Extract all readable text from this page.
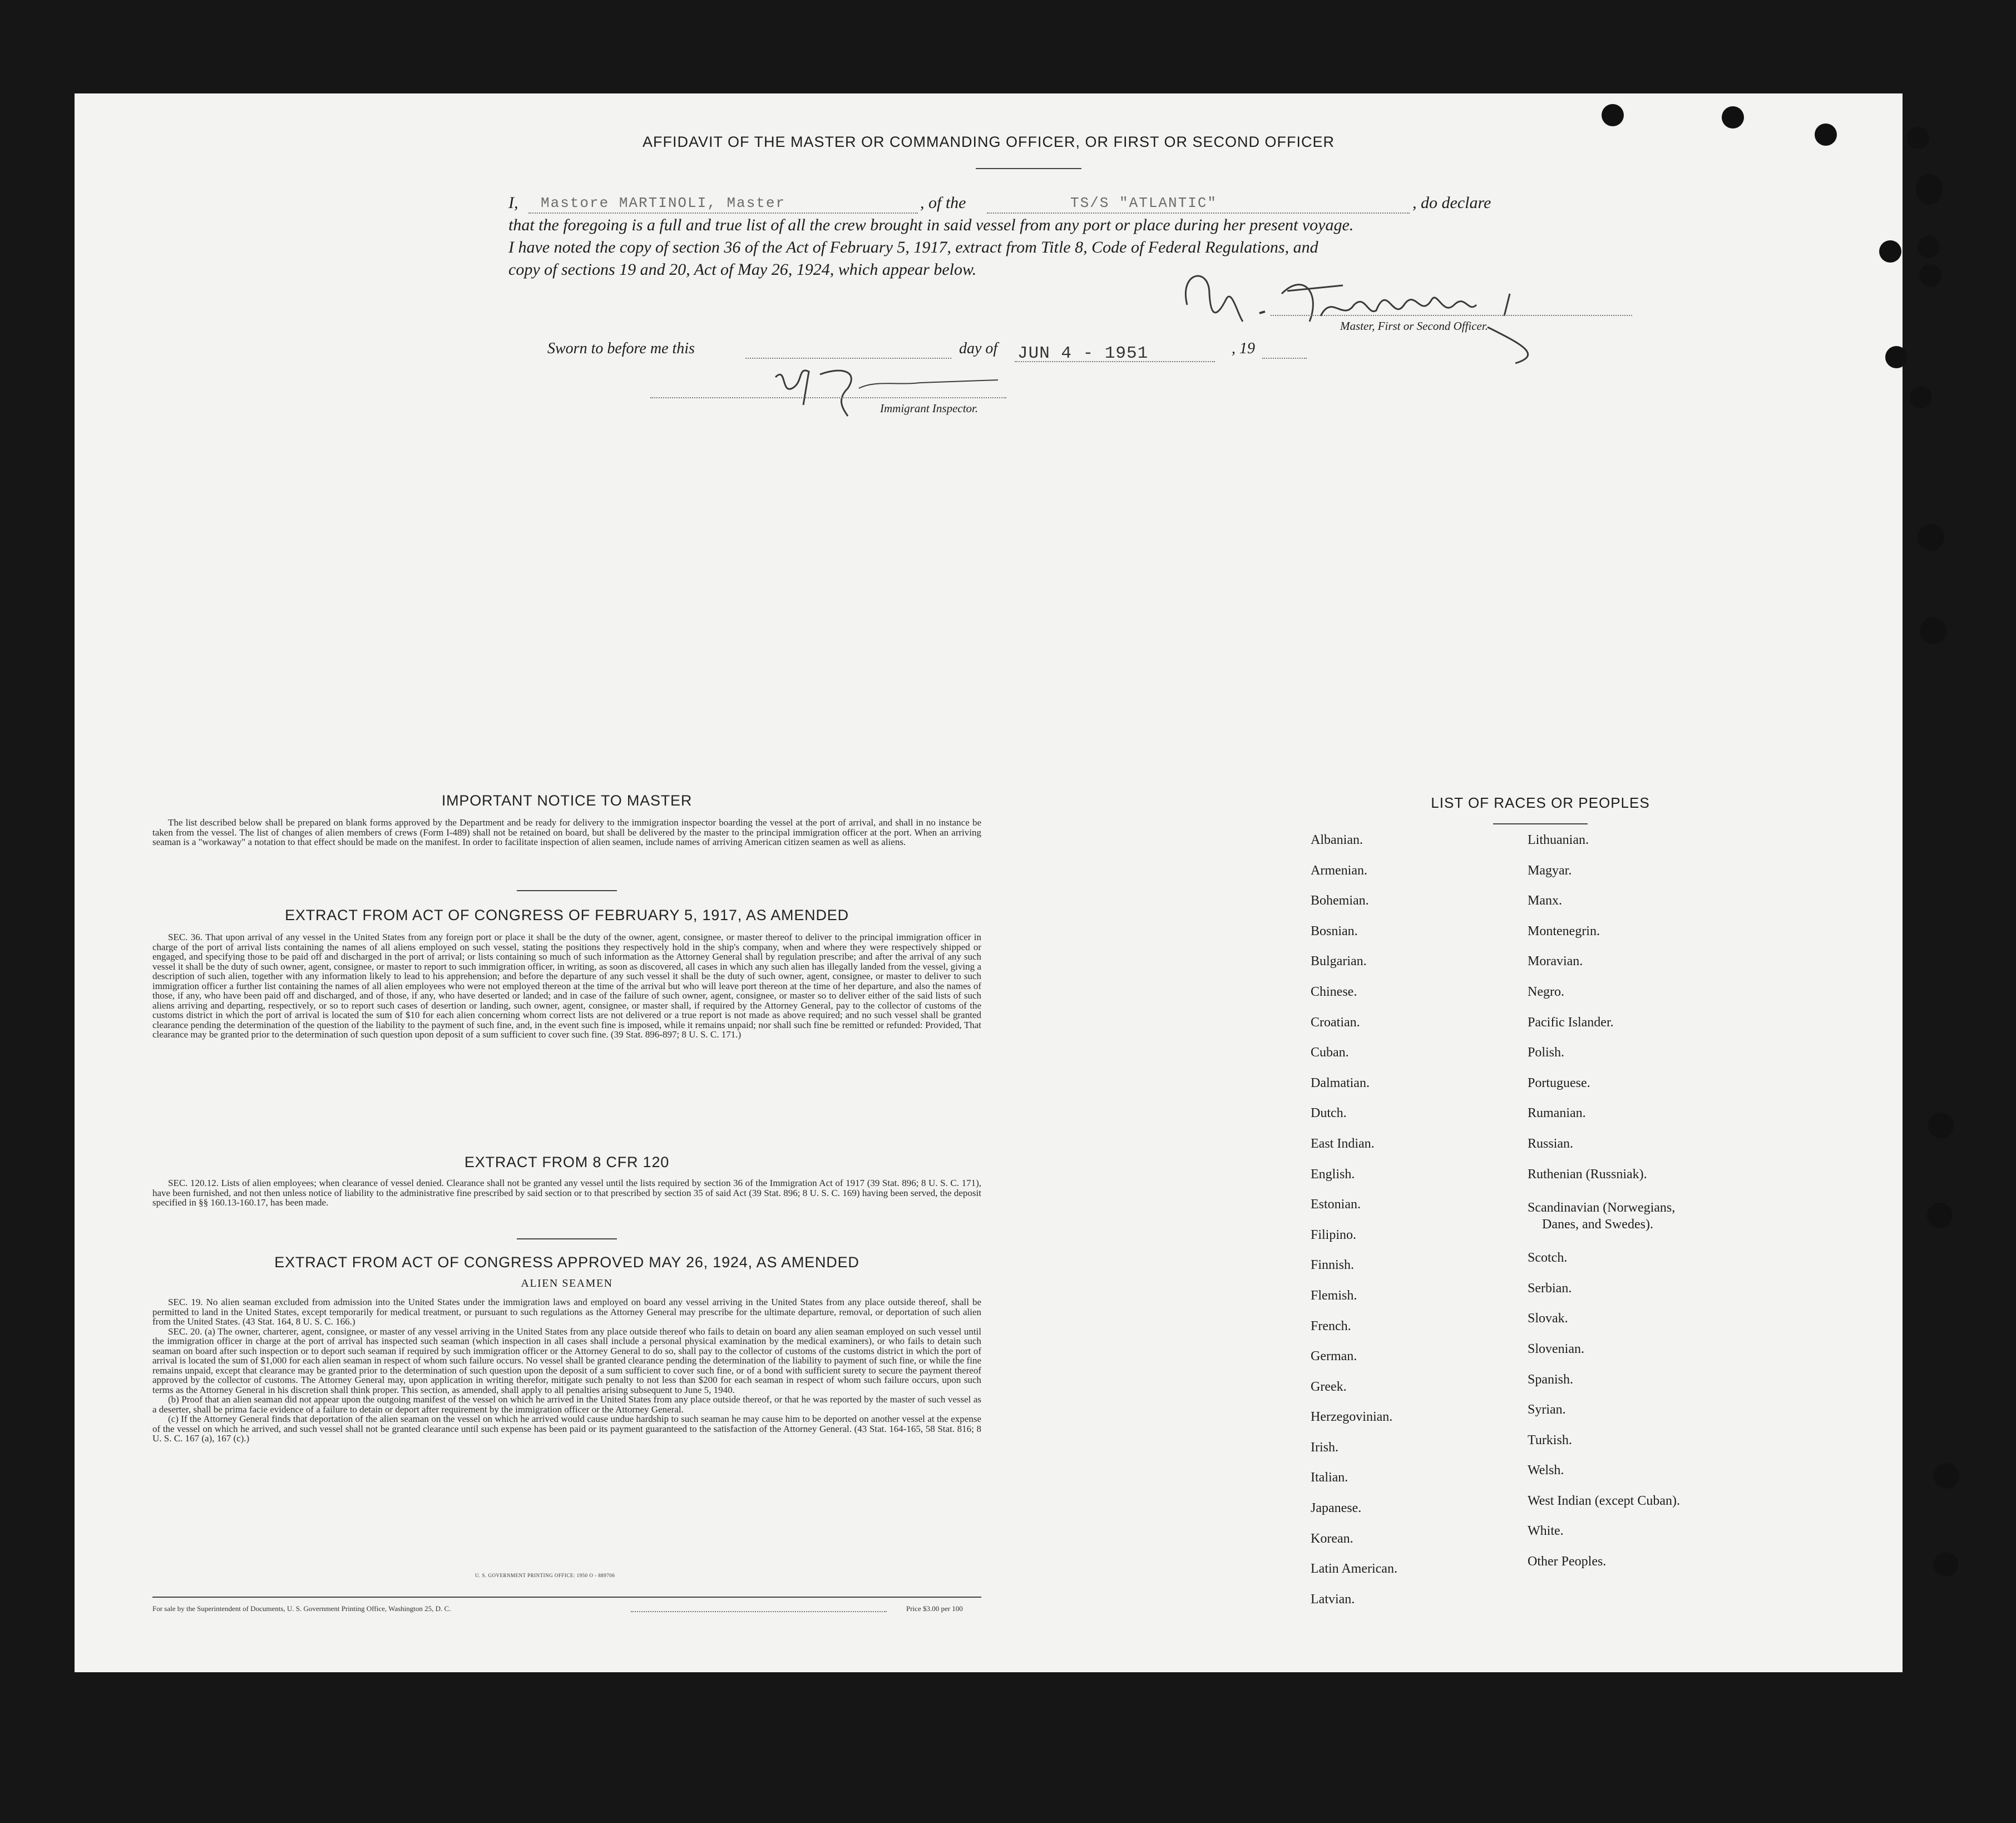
AFFIDAVIT OF THE MASTER OR COMMANDING OFFICER, OR FIRST OR SECOND OFFICER
I, Mastore MARTINOLI, Master	, of the	TS/S "ATLANTIC"	, do declare
that the foregoing is a full and true list of all the crew brought in said vessel from any port or place during her present voyage.
I have noted the copy of section 36 of the Act of February 5, 1917, extract from Title 8, Code of Federal Regulations, and
copy of sections 19 and 20, Act of May 26, 1924, which appear below.
Master, First or Second Officer.
Sworn to before me this	day of JUN 4 - 1951	, 19
Immigrant Inspector.
IMPORTANT NOTICE TO MASTER

The list described below shall be prepared on blank forms approved by the Department and be ready for delivery to the immigration inspector boarding the vessel at the port of arrival, and shall in no instance be taken from the vessel. The list of changes of alien members of crews (Form I-489) shall not be retained on board, but shall be delivered by the master to the principal immigration officer at the port. When an arriving seaman is a "workaway" a notation to that effect should be made on the manifest. In order to facilitate inspection of alien seamen, include names of arriving American citizen seamen as well as aliens.

EXTRACT FROM ACT OF CONGRESS OF FEBRUARY 5, 1917, AS AMENDED

SEC. 36. That upon arrival of any vessel in the United States from any foreign port or place it shall be the duty of the owner, agent, consignee, or master thereof to deliver to the principal immigration officer in charge of the port of arrival lists containing the names of all aliens employed on such vessel, stating the positions they respectively hold in the ship's company, when and where they were respectively shipped or engaged, and specifying those to be paid off and discharged in the port of arrival; or lists containing so much of such information as the Attorney General shall by regulation prescribe; and after the arrival of any such vessel it shall be the duty of such owner, agent, consignee, or master to report to such immigration officer, in writing, as soon as discovered, all cases in which any such alien has illegally landed from the vessel, giving a description of such alien, together with any information likely to lead to his apprehension; and before the departure of any such vessel it shall be the duty of such owner, agent, consignee, or master to deliver to such immigration officer a further list containing the names of all alien employees who were not employed thereon at the time of the arrival but who will leave port thereon at the time of her departure, and also the names of those, if any, who have been paid off and discharged, and of those, if any, who have deserted or landed; and in case of the failure of such owner, agent, consignee, or master so to deliver either of the said lists of such aliens arriving and departing, respectively, or so to report such cases of desertion or landing, such owner, agent, consignee, or master shall, if required by the Attorney General, pay to the collector of customs of the customs district in which the port of arrival is located the sum of $10 for each alien concerning whom correct lists are not delivered or a true report is not made as above required; and no such vessel shall be granted clearance pending the determination of the question of the liability to the payment of such fine, and, in the event such fine is imposed, while it remains unpaid; nor shall such fine be remitted or refunded: Provided, That clearance may be granted prior to the determination of such question upon deposit of a sum sufficient to cover such fine. (39 Stat. 896-897; 8 U. S. C. 171.)

EXTRACT FROM 8 CFR 120

SEC. 120.12. Lists of alien employees; when clearance of vessel denied. Clearance shall not be granted any vessel until the lists required by section 36 of the Immigration Act of 1917 (39 Stat. 896; 8 U. S. C. 171), have been furnished, and not then unless notice of liability to the administrative fine prescribed by said section or to that prescribed by section 35 of said Act (39 Stat. 896; 8 U. S. C. 169) having been served, the deposit specified in §§ 160.13-160.17, has been made.

EXTRACT FROM ACT OF CONGRESS APPROVED MAY 26, 1924, AS AMENDED
ALIEN SEAMEN

SEC. 19. No alien seaman excluded from admission into the United States under the immigration laws and employed on board any vessel arriving in the United States from any place outside thereof, shall be permitted to land in the United States, except temporarily for medical treatment, or pursuant to such regulations as the Attorney General may prescribe for the ultimate departure, removal, or deportation of such alien from the United States. (43 Stat. 164, 8 U. S. C. 166.)

SEC. 20. (a) The owner, charterer, agent, consignee, or master of any vessel arriving in the United States from any place outside thereof who fails to detain on board any alien seaman employed on such vessel until the immigration officer in charge at the port of arrival has inspected such seaman (which inspection in all cases shall include a personal physical examination by the medical examiners), or who fails to detain such seaman on board after such inspection or to deport such seaman if required by such immigration officer or the Attorney General to do so, shall pay to the collector of customs of the customs district in which the port of arrival is located the sum of $1,000 for each alien seaman in respect of whom such failure occurs. No vessel shall be granted clearance pending the determination of the liability to payment of such fine, or while the fine remains unpaid, except that clearance may be granted prior to the determination of such question upon the deposit of a sum sufficient to cover such fine, or of a bond with sufficient surety to secure the payment thereof approved by the collector of customs. The Attorney General may, upon application in writing therefor, mitigate such penalty to not less than $200 for each seaman in respect of whom such failure occurs, upon such terms as the Attorney General in his discretion shall think proper. This section, as amended, shall apply to all penalties arising subsequent to June 5, 1940.

(b) Proof that an alien seaman did not appear upon the outgoing manifest of the vessel on which he arrived in the United States from any place outside thereof, or that he was reported by the master of such vessel as a deserter, shall be prima facie evidence of a failure to detain or deport after requirement by the immigration officer or the Attorney General.

(c) If the Attorney General finds that deportation of the alien seaman on the vessel on which he arrived would cause undue hardship to such seaman he may cause him to be deported on another vessel at the expense of the vessel on which he arrived, and such vessel shall not be granted clearance until such expense has been paid or its payment guaranteed to the satisfaction of the Attorney General. (43 Stat. 164-165, 58 Stat. 816; 8 U. S. C. 167 (a), 167 (c).)

U. S. GOVERNMENT PRINTING OFFICE: 1950 O - 889706
For sale by the Superintendent of Documents, U. S. Government Printing Office, Washington 25, D. C.	Price $3.00 per 100
LIST OF RACES OR PEOPLES
Albanian.
Armenian.
Bohemian.
Bosnian.
Bulgarian.
Chinese.
Croatian.
Cuban.
Dalmatian.
Dutch.
East Indian.
English.
Estonian.
Filipino.
Finnish.
Flemish.
French.
German.
Greek.
Herzegovinian.
Irish.
Italian.
Japanese.
Korean.
Latin American.
Latvian.
Lithuanian.
Magyar.
Manx.
Montenegrin.
Moravian.
Negro.
Pacific Islander.
Polish.
Portuguese.
Rumanian.
Russian.
Ruthenian (Russniak).
Scandinavian (Norwegians,
Danes, and Swedes).
Scotch.
Serbian.
Slovak.
Slovenian.
Spanish.
Syrian.
Turkish.
Welsh.
West Indian (except Cuban).
White.
Other Peoples.
